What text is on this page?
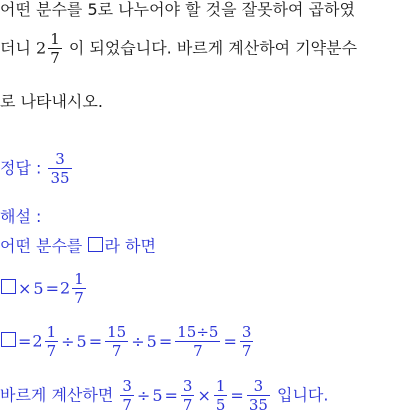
어떤 분수를 5로 나누어야 할 것을 잘못하여 곱하였
더니 $2 \frac{1}{7}$ 이 되었습니다. 바르게 계산하여 기약분수
로 나타내시오.
정답 : $\frac{3}{35}$
해설 :
어떤 분수를 라 하면
× $5 =2 \frac{1}{7}$
$=2 \frac{1}{7} \div 5 = \frac{15}{7} \div 5 = \frac{15\div 5}{7} = \frac{3}{7}$
바르게 계산하면 $\frac{3}{7} \div 5 = \frac{3}{7} \times \frac{1}{5} = \frac{3}{35}$ 입니다.
